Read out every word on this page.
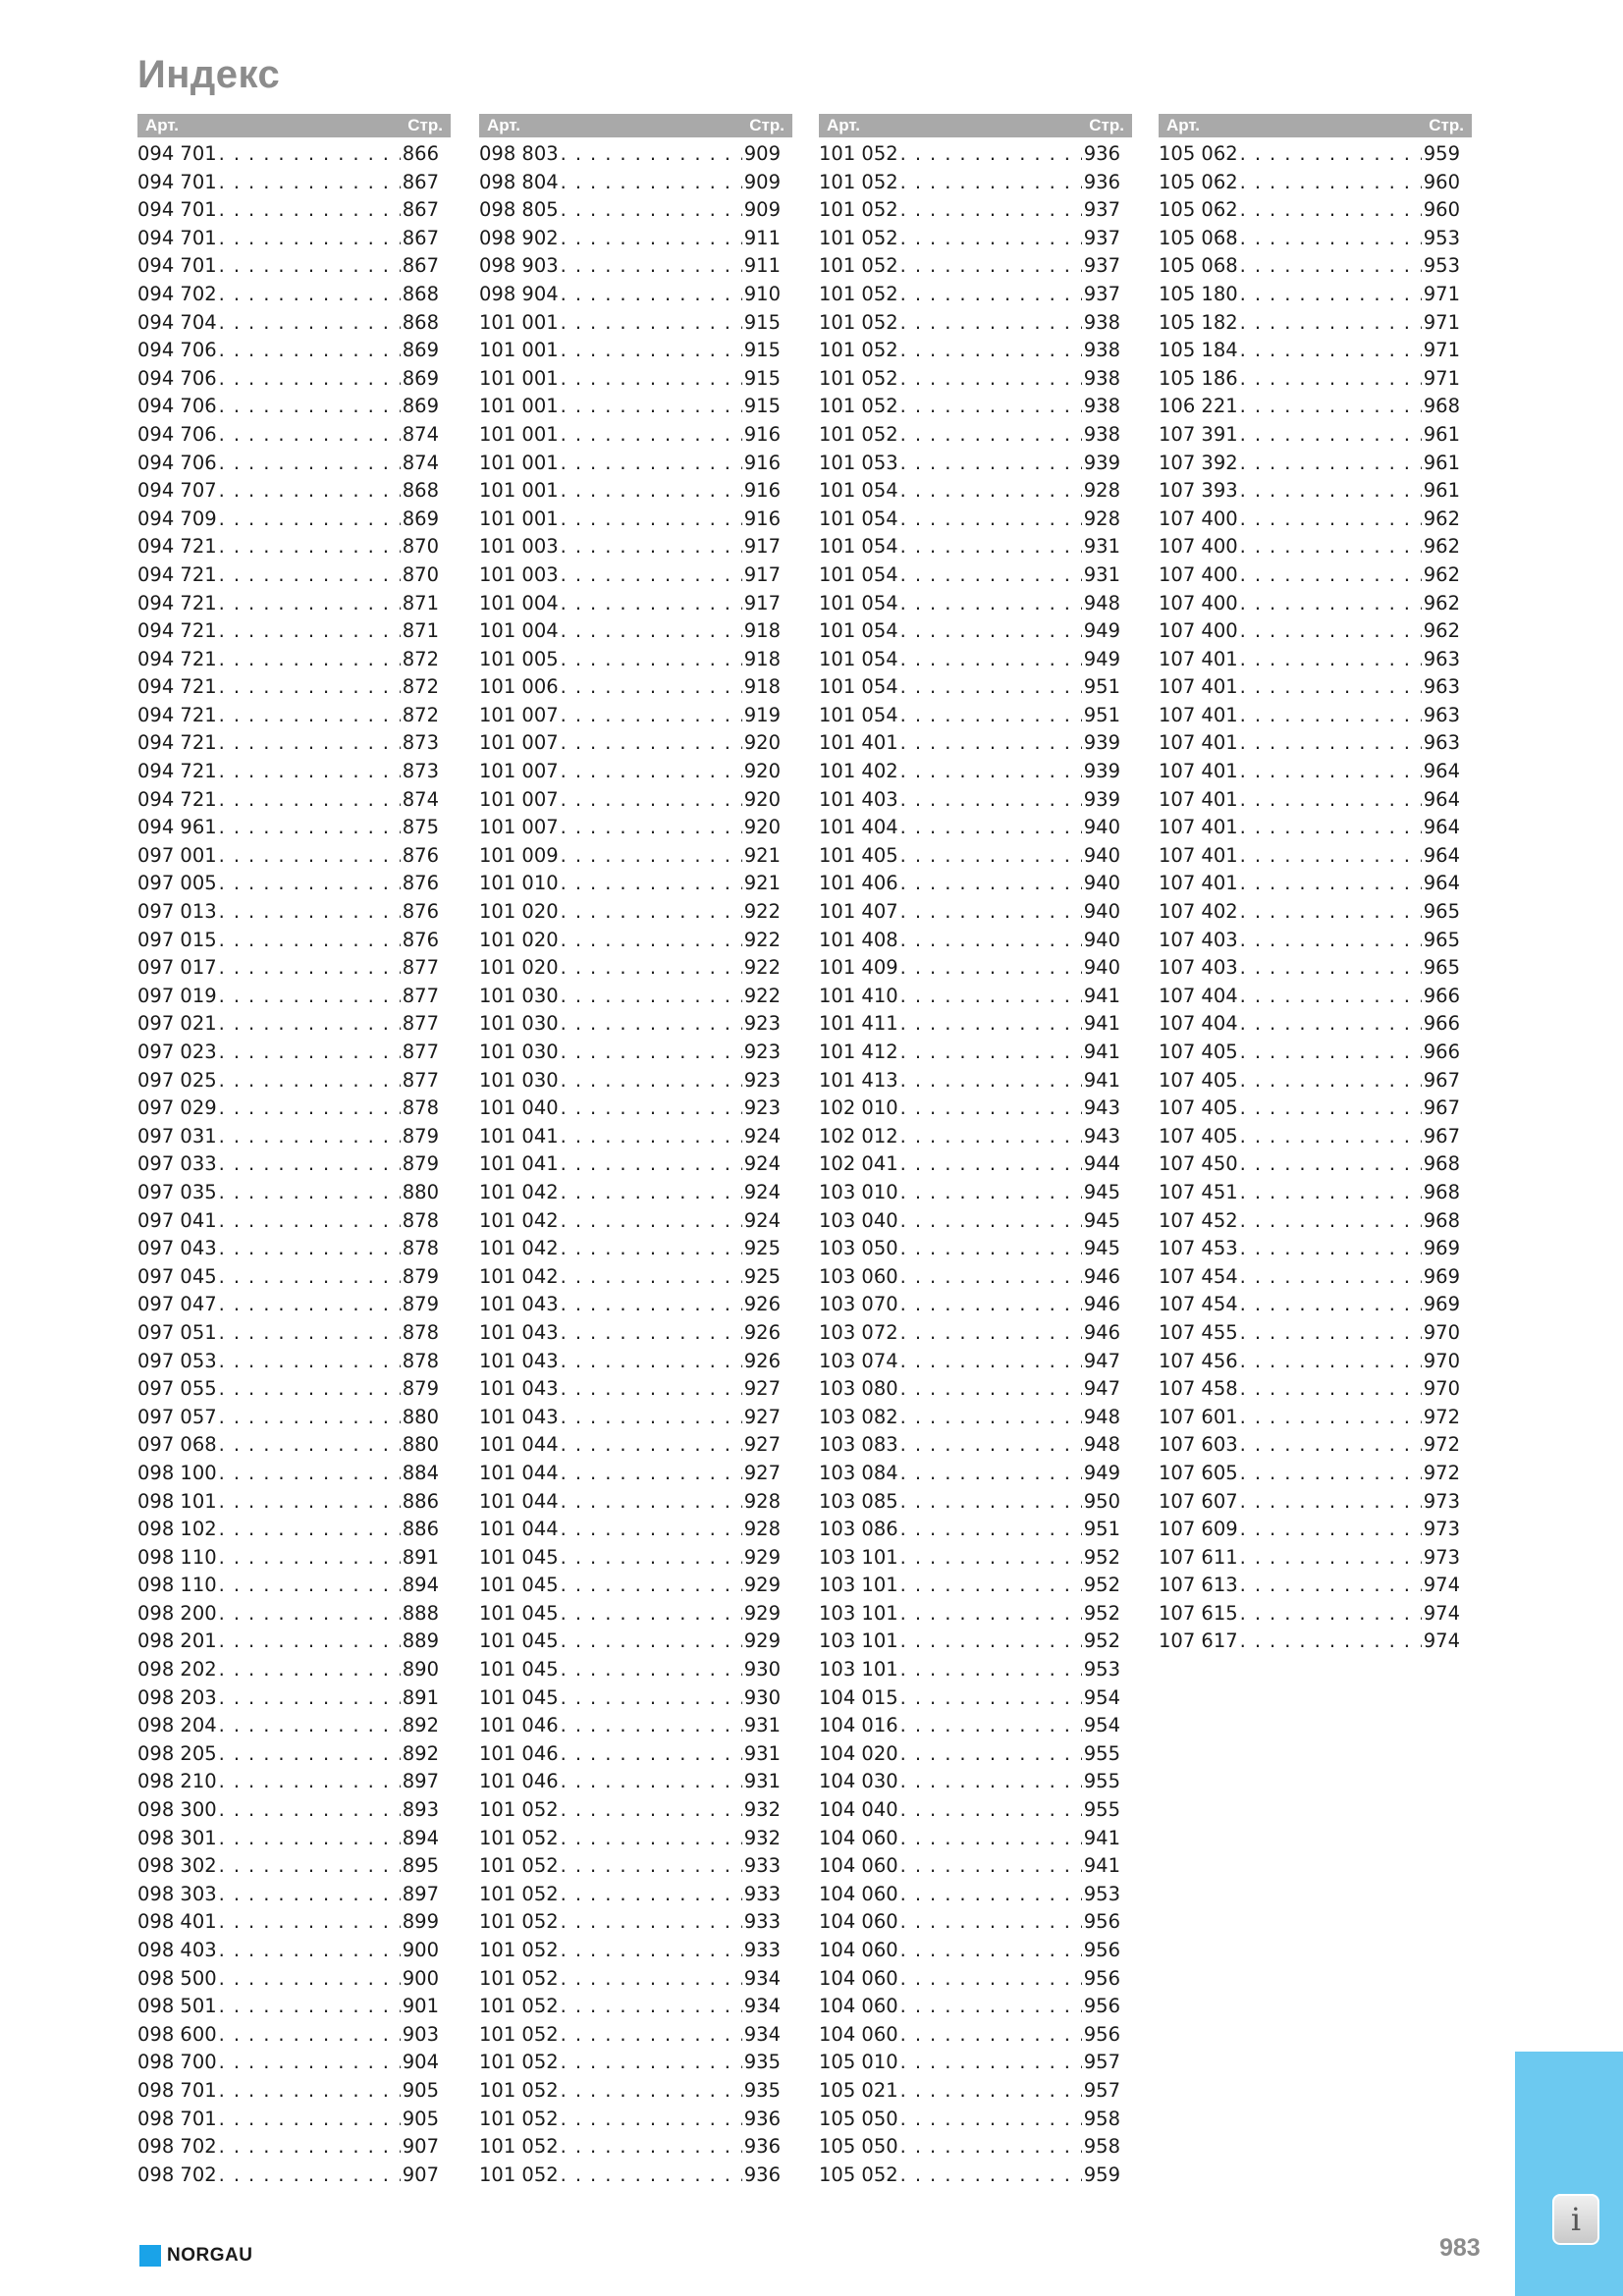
Индекс
Арт.	Стр.
094 701 . . .	866
094 701 . . .	867
094 701 . . .	867
094 701 . . .	867
094 701 . . .	867
094 702 . . .	868
094 704 . . .	868
094 706 . . .	869
094 706 . . .	869
094 706 . . .	869
094 706 . . .	874
094 706 . . .	874
094 707 . . .	868
094 709 . . .	869
094 721 . . .	870
094 721 . . .	870
094 721 . . .	871
094 721 . . .	871
094 721 . . .	872
094 721 . . .	872
094 721 . . .	872
094 721 . . .	873
094 721 . . .	873
094 721 . . .	874
094 961 . . .	875
097 001 . . .	876
097 005 . . .	876
097 013 . . .	876
097 015 . . .	876
097 017 . . .	877
097 019 . . .	877
097 021 . . .	877
097 023 . . .	877
097 025 . . .	877
097 029 . . .	878
097 031 . . .	879
097 033 . . .	879
097 035 . . .	880
097 041 . . .	878
097 043 . . .	878
097 045 . . .	879
097 047 . . .	879
097 051 . . .	878
097 053 . . .	878
097 055 . . .	879
097 057 . . .	880
097 068 . . .	880
098 100 . . .	884
098 101 . . .	886
098 102 . . .	886
098 110 . . .	891
098 110 . . .	894
098 200 . . .	888
098 201 . . .	889
098 202 . . .	890
098 203 . . .	891
098 204 . . .	892
098 205 . . .	892
098 210 . . .	897
098 300 . . .	893
098 301 . . .	894
098 302 . . .	895
098 303 . . .	897
098 401 . . .	899
098 403 . . .	900
098 500 . . .	900
098 501 . . .	901
098 600 . . .	903
098 700 . . .	904
098 701 . . .	905
098 701 . . .	905
098 702 . . .	907
098 702 . . .	907
Арт.	Стр.
098 803 . . .	909
098 804 . . .	909
098 805 . . .	909
098 902 . . .	911
098 903 . . .	911
098 904 . . .	910
101 001 . . .	915
101 001 . . .	915
101 001 . . .	915
101 001 . . .	915
101 001 . . .	916
101 001 . . .	916
101 001 . . .	916
101 001 . . .	916
101 003 . . .	917
101 003 . . .	917
101 004 . . .	917
101 004 . . .	918
101 005 . . .	918
101 006 . . .	918
101 007 . . .	919
101 007 . . .	920
101 007 . . .	920
101 007 . . .	920
101 007 . . .	920
101 009 . . .	921
101 010 . . .	921
101 020 . . .	922
101 020 . . .	922
101 020 . . .	922
101 030 . . .	922
101 030 . . .	923
101 030 . . .	923
101 030 . . .	923
101 040 . . .	923
101 041 . . .	924
101 041 . . .	924
101 042 . . .	924
101 042 . . .	924
101 042 . . .	925
101 042 . . .	925
101 043 . . .	926
101 043 . . .	926
101 043 . . .	926
101 043 . . .	927
101 043 . . .	927
101 044 . . .	927
101 044 . . .	927
101 044 . . .	928
101 044 . . .	928
101 045 . . .	929
101 045 . . .	929
101 045 . . .	929
101 045 . . .	929
101 045 . . .	930
101 045 . . .	930
101 046 . . .	931
101 046 . . .	931
101 046 . . .	931
101 052 . . .	932
101 052 . . .	932
101 052 . . .	933
101 052 . . .	933
101 052 . . .	933
101 052 . . .	933
101 052 . . .	934
101 052 . . .	934
101 052 . . .	934
101 052 . . .	935
101 052 . . .	935
101 052 . . .	936
101 052 . . .	936
101 052 . . .	936
Арт.	Стр.
101 052 . . .	936
101 052 . . .	936
101 052 . . .	937
101 052 . . .	937
101 052 . . .	937
101 052 . . .	937
101 052 . . .	938
101 052 . . .	938
101 052 . . .	938
101 052 . . .	938
101 052 . . .	938
101 053 . . .	939
101 054 . . .	928
101 054 . . .	928
101 054 . . .	931
101 054 . . .	931
101 054 . . .	948
101 054 . . .	949
101 054 . . .	949
101 054 . . .	951
101 054 . . .	951
101 401 . . .	939
101 402 . . .	939
101 403 . . .	939
101 404 . . .	940
101 405 . . .	940
101 406 . . .	940
101 407 . . .	940
101 408 . . .	940
101 409 . . .	940
101 410 . . .	941
101 411 . . .	941
101 412 . . .	941
101 413 . . .	941
102 010 . . .	943
102 012 . . .	943
102 041 . . .	944
103 010 . . .	945
103 040 . . .	945
103 050 . . .	945
103 060 . . .	946
103 070 . . .	946
103 072 . . .	946
103 074 . . .	947
103 080 . . .	947
103 082 . . .	948
103 083 . . .	948
103 084 . . .	949
103 085 . . .	950
103 086 . . .	951
103 101 . . .	952
103 101 . . .	952
103 101 . . .	952
103 101 . . .	952
103 101 . . .	953
104 015 . . .	954
104 016 . . .	954
104 020 . . .	955
104 030 . . .	955
104 040 . . .	955
104 060 . . .	941
104 060 . . .	941
104 060 . . .	953
104 060 . . .	956
104 060 . . .	956
104 060 . . .	956
104 060 . . .	956
104 060 . . .	956
105 010 . . .	957
105 021 . . .	957
105 050 . . .	958
105 050 . . .	958
105 052 . . .	959
Арт.	Стр.
105 062 . . .	959
105 062 . . .	960
105 062 . . .	960
105 068 . . .	953
105 068 . . .	953
105 180 . . .	971
105 182 . . .	971
105 184 . . .	971
105 186 . . .	971
106 221 . . .	968
107 391 . . .	961
107 392 . . .	961
107 393 . . .	961
107 400 . . .	962
107 400 . . .	962
107 400 . . .	962
107 400 . . .	962
107 400 . . .	962
107 401 . . .	963
107 401 . . .	963
107 401 . . .	963
107 401 . . .	963
107 401 . . .	964
107 401 . . .	964
107 401 . . .	964
107 401 . . .	964
107 401 . . .	964
107 402 . . .	965
107 403 . . .	965
107 403 . . .	965
107 404 . . .	966
107 404 . . .	966
107 405 . . .	966
107 405 . . .	967
107 405 . . .	967
107 405 . . .	967
107 450 . . .	968
107 451 . . .	968
107 452 . . .	968
107 453 . . .	969
107 454 . . .	969
107 454 . . .	969
107 455 . . .	970
107 456 . . .	970
107 458 . . .	970
107 601 . . .	972
107 603 . . .	972
107 605 . . .	972
107 607 . . .	973
107 609 . . .	973
107 611 . . .	973
107 613 . . .	974
107 615 . . .	974
107 617 . . .	974
i
NORGAU	983
